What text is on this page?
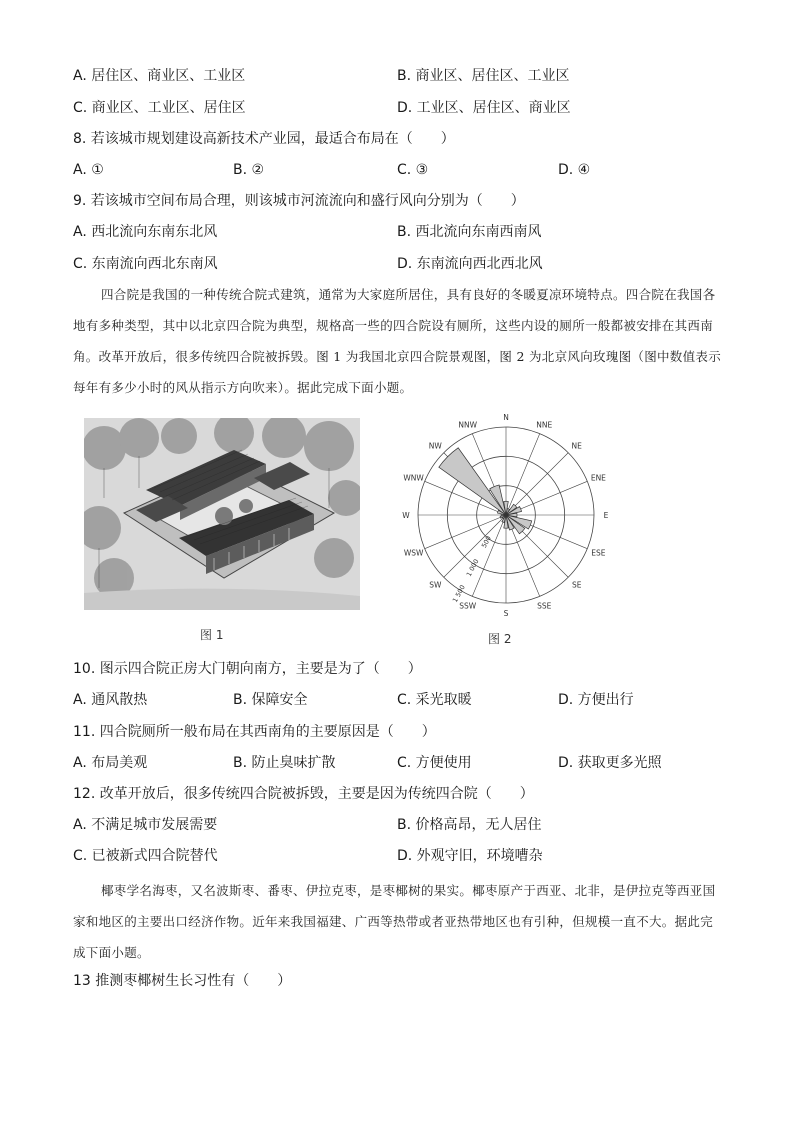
A. 居住区、商业区、工业区	B. 商业区、居住区、工业区
C. 商业区、工业区、居住区	D. 工业区、居住区、商业区
8. 若该城市规划建设高新技术产业园，最适合布局在（　　）
A. ①	B. ②	C. ③	D. ④
9. 若该城市空间布局合理，则该城市河流流向和盛行风向分别为（　　）
A. 西北流向东南东北风	B. 西北流向东南西南风
C. 东南流向西北东南风	D. 东南流向西北西北风
四合院是我国的一种传统合院式建筑，通常为大家庭所居住，具有良好的冬暖夏凉环境特点。四合院在我国各地有多种类型，其中以北京四合院为典型，规格高一些的四合院设有厕所，这些内设的厕所一般都被安排在其西南角。改革开放后，很多传统四合院被拆毁。图 1 为我国北京四合院景观图，图 2 为北京风向玫瑰图（图中数值表示每年有多少小时的风从指示方向吹来）。据此完成下面小题。
图 1
N
NNE
NE
ENE
E
ESE
SE
SSE
S
SSW
SW
WSW
W
WNW
NW
NNW
500
1 000
1 500
图 2
10. 图示四合院正房大门朝向南方，主要是为了（　　）
A. 通风散热	B. 保障安全	C. 采光取暖	D. 方便出行
11. 四合院厕所一般布局在其西南角的主要原因是（　　）
A. 布局美观	B. 防止臭味扩散	C. 方便使用	D. 获取更多光照
12. 改革开放后，很多传统四合院被拆毁，主要是因为传统四合院（　　）
A. 不满足城市发展需要	B. 价格高昂，无人居住
C. 已被新式四合院替代	D. 外观守旧，环境嘈杂
椰枣学名海枣，又名波斯枣、番枣、伊拉克枣，是枣椰树的果实。椰枣原产于西亚、北非，是伊拉克等西亚国家和地区的主要出口经济作物。近年来我国福建、广西等热带或者亚热带地区也有引种，但规模一直不大。据此完成下面小题。
13 推测枣椰树生长习性有（　　）
